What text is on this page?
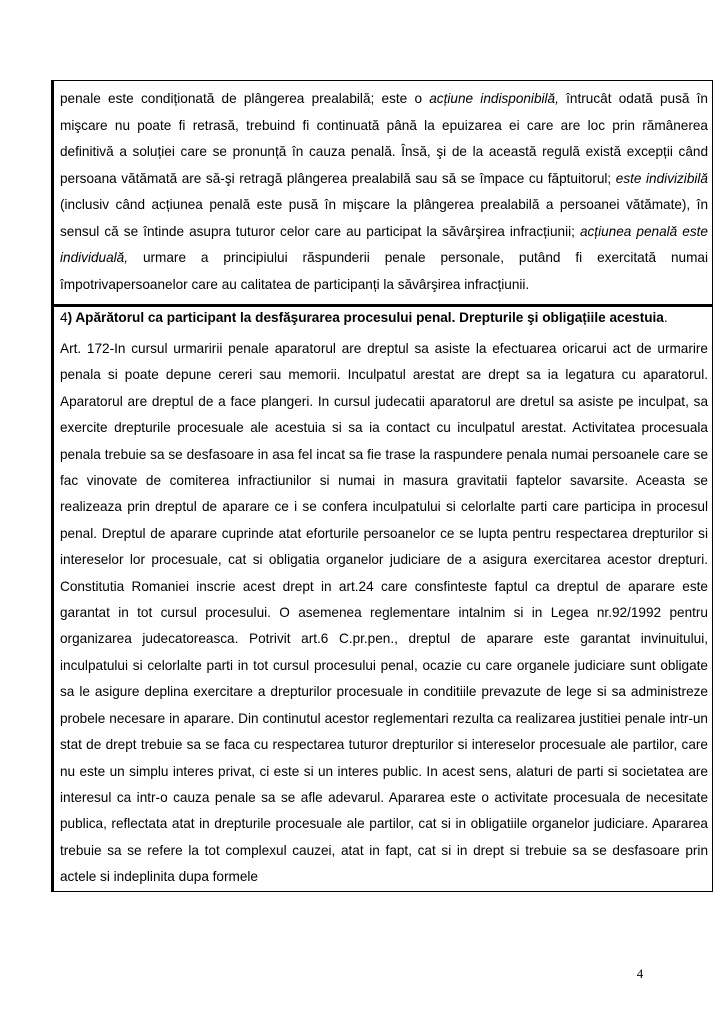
penale este condiționată de plângerea prealabilă; este o acțiune indisponibilă, întrucât odată pusă în mişcare nu poate fi retrasă, trebuind fi continuată până la epuizarea ei care are loc prin rămânerea definitivă a soluției care se pronunță în cauza penală. Însă, şi de la această regulă există excepții când persoana vătămată are să-şi retragă plângerea prealabilă sau să se împace cu făptuitorul; este indivizibilă (inclusiv când acțiunea penală este pusă în mişcare la plângerea prealabilă a persoanei vătămate), în sensul că se întinde asupra tuturor celor care au participat la săvârşirea infracțiunii; acțiunea penală este individuală, urmare a principiului răspunderii penale personale, putând fi exercitată numai împotrivapersoanelor care au calitatea de participanți la săvârşirea infracțiunii.

4) Apărătorul ca participant la desfăşurarea procesului penal. Drepturile şi obligațiile acestuia.

Art. 172-In cursul urmaririi penale aparatorul are dreptul sa asiste la efectuarea oricarui act de urmarire penala si poate depune cereri sau memorii. Inculpatul arestat are drept sa ia legatura cu aparatorul. Aparatorul are dreptul de a face plangeri. In cursul judecatii aparatorul are dretul sa asiste pe inculpat, sa exercite drepturile procesuale ale acestuia si sa ia contact cu inculpatul arestat. Activitatea procesuala penala trebuie sa se desfasoare in asa fel incat sa fie trase la raspundere penala numai persoanele care se fac vinovate de comiterea infractiunilor si numai in masura gravitatii faptelor savarsite. Aceasta se realizeaza prin dreptul de aparare ce i se confera inculpatului si celorlalte parti care participa in procesul penal. Dreptul de aparare cuprinde atat eforturile persoanelor ce se lupta pentru respectarea drepturilor si intereselor lor procesuale, cat si obligatia organelor judiciare de a asigura exercitarea acestor drepturi. Constitutia Romaniei inscrie acest drept in art.24 care consfinteste faptul ca dreptul de aparare este garantat in tot cursul procesului. O asemenea reglementare intalnim si in Legea nr.92/1992 pentru organizarea judecatoreasca. Potrivit art.6 C.pr.pen., dreptul de aparare este garantat invinuitului, inculpatului si celorlalte parti in tot cursul procesului penal, ocazie cu care organele judiciare sunt obligate sa le asigure deplina exercitare a drepturilor procesuale in conditiile prevazute de lege si sa administreze probele necesare in aparare. Din continutul acestor reglementari rezulta ca realizarea justitiei penale intr-un stat de drept trebuie sa se faca cu respectarea tuturor drepturilor si intereselor procesuale ale partilor, care nu este un simplu interes privat, ci este si un interes public. In acest sens, alaturi de parti si societatea are interesul ca intr-o cauza penale sa se afle adevarul. Apararea este o activitate procesuala de necesitate publica, reflectata atat in drepturile procesuale ale partilor, cat si in obligatiile organelor judiciare. Apararea trebuie sa se refere la tot complexul cauzei, atat in fapt, cat si in drept si trebuie sa se desfasoare prin actele si indeplinita dupa formele

4
